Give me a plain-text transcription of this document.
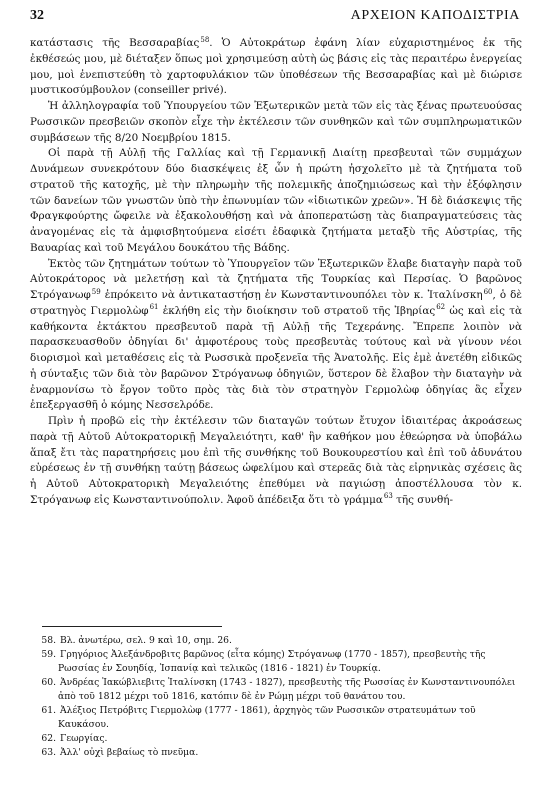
32	ΑΡΧΕΙΟΝ ΚΑΠΟΔΙΣΤΡΙΑ

κατάστασις τῆς Βεσσαραβίας$^{58}$. Ὁ Αὐτοκράτωρ ἐφάνη λίαν εὐχαριστημένος ἐκ τῆς ἐκθέσεώς μου, μὲ διέταξεν ὅπως μοὶ χρησιμεύσῃ αὐτὴ ὡς βάσις εἰς τὰς περαιτέρω ἐνεργείας μου, μοὶ ἐνεπιστεύθη τὸ χαρτοφυλάκιον τῶν ὑποθέσεων τῆς Βεσσαραβίας καὶ μὲ διώρισε μυστικοσύμβουλον (conseiller privé).

Ἡ ἀλληλογραφία τοῦ Ὑπουργείου τῶν Ἐξωτερικῶν μετὰ τῶν εἰς τὰς ξένας πρωτευούσας Ρωσσικῶν πρεσβειῶν σκοπὸν εἶχε τὴν ἐκτέλεσιν τῶν συνθηκῶν καὶ τῶν συμπληρωματικῶν συμβάσεων τῆς 8/20 Νοεμβρίου 1815.

Οἱ παρὰ τῇ Αὐλῇ τῆς Γαλλίας καὶ τῇ Γερμανικῇ Διαίτῃ πρεσβευταὶ τῶν συμμάχων Δυνάμεων συνεκρότουν δύο διασκέψεις ἐξ ὧν ἡ πρώτη ἠσχολεῖτο μὲ τὰ ζητήματα τοῦ στρατοῦ τῆς κατοχῆς, μὲ τὴν πληρωμὴν τῆς πολεμικῆς ἀποζημιώσεως καὶ τὴν ἐξόφλησιν τῶν δανείων τῶν γνωστῶν ὑπὸ τὴν ἐπωνυμίαν τῶν «ἰδιωτικῶν χρεῶν». Ἡ δὲ διάσκεψις τῆς Φραγκφούρτης ὤφειλε νὰ ἐξακολουθήσῃ καὶ νὰ ἀποπερατώσῃ τὰς διαπραγματεύσεις τὰς ἀναγομένας εἰς τὰ ἀμφισβητούμενα εἰσέτι ἐδαφικὰ ζητήματα μεταξὺ τῆς Αὐστρίας, τῆς Βαυαρίας καὶ τοῦ Μεγάλου δουκάτου τῆς Βάδης.

Ἐκτὸς τῶν ζητημάτων τούτων τὸ Ὑπουργεῖον τῶν Ἐξωτερικῶν ἔλαβε διαταγὴν παρὰ τοῦ Αὐτοκράτορος νὰ μελετήσῃ καὶ τὰ ζητήματα τῆς Τουρκίας καὶ Περσίας. Ὁ βαρῶνος Στρόγανωφ$^{59}$ ἐπρόκειτο νὰ ἀντικαταστήσῃ ἐν Κωνσταντινουπόλει τὸν κ. Ἰταλίνσκη$^{60}$, ὁ δὲ στρατηγὸς Γιερμολὼφ$^{61}$ ἐκλήθη εἰς τὴν διοίκησιν τοῦ στρατοῦ τῆς Ἰβηρίας$^{62}$ ὡς καὶ εἰς τὰ καθήκοντα ἐκτάκτου πρεσβευτοῦ παρὰ τῇ Αὐλῇ τῆς Τεχεράνης. Ἔπρεπε λοιπὸν νὰ παρασκευασθοῦν ὁδηγίαι δι' ἀμφοτέρους τοὺς πρεσβευτὰς τούτους καὶ νὰ γίνουν νέοι διορισμοὶ καὶ μεταθέσεις εἰς τὰ Ρωσσικὰ προξενεῖα τῆς Ἀνατολῆς. Εἰς ἐμὲ ἀνετέθη εἰδικῶς ἡ σύνταξις τῶν διὰ τὸν βαρῶνον Στρόγανωφ ὁδηγιῶν, ὕστερον δὲ ἔλαβον τὴν διαταγὴν νὰ ἐναρμονίσω τὸ ἔργον τοῦτο πρὸς τὰς διὰ τὸν στρατηγὸν Γερμολὼφ ὁδηγίας ἃς εἶχεν ἐπεξεργασθῆ ὁ κόμης Νεσσελρόδε.

Πρὶν ἡ προβῶ εἰς τὴν ἐκτέλεσιν τῶν διαταγῶν τούτων ἔτυχον ἰδιαιτέρας ἀκροάσεως παρὰ τῇ Αὐτοῦ Αὐτοκρατορικῇ Μεγαλειότητι, καθ' ἣν καθήκον μου ἐθεώρησα νὰ ὑποβάλω ἅπαξ ἔτι τὰς παρατηρήσεις μου ἐπὶ τῆς συνθήκης τοῦ Βουκουρεστίου καὶ ἐπὶ τοῦ ἀδυνάτου εὑρέσεως ἐν τῇ συνθήκῃ ταύτῃ βάσεως ὠφελίμου καὶ στερεᾶς διὰ τὰς εἰρηνικὰς σχέσεις ἃς ἡ Αὐτοῦ Αὐτοκρατορικὴ Μεγαλειότης ἐπεθύμει νὰ παγιώσῃ ἀποστέλλουσα τὸν κ. Στρόγανωφ εἰς Κωνσταντινούπολιν. Ἀφοῦ ἀπέδειξα ὅτι τὸ γράμμα$^{63}$ τῆς συνθή-

58. Βλ. ἀνωτέρω, σελ. 9 καὶ 10, σημ. 26.

59. Γρηγόριος Ἀλεξάνδροβιτς βαρῶνος (εἶτα κόμης) Στρόγανωφ (1770 - 1857), πρεσβευτὴς τῆς Ρωσσίας ἐν Σουηδίᾳ, Ἱσπανίᾳ καὶ τελικῶς (1816 - 1821) ἐν Τουρκίᾳ.

60. Ἀνδρέας Ἰακώβλιεβιτς Ἰταλίνσκη (1743 - 1827), πρεσβευτὴς τῆς Ρωσσίας ἐν Κωνσταντινουπόλει ἀπὸ τοῦ 1812 μέχρι τοῦ 1816, κατόπιν δὲ ἐν Ρώμῃ μέχρι τοῦ θανάτου του.

61. Ἀλέξιος Πετρόβιτς Γιερμολὼφ (1777 - 1861), ἀρχηγὸς τῶν Ρωσσικῶν στρατευμάτων τοῦ Καυκάσου.

62. Γεωργίας.

63. Ἀλλ' οὐχὶ βεβαίως τὸ πνεῦμα.
